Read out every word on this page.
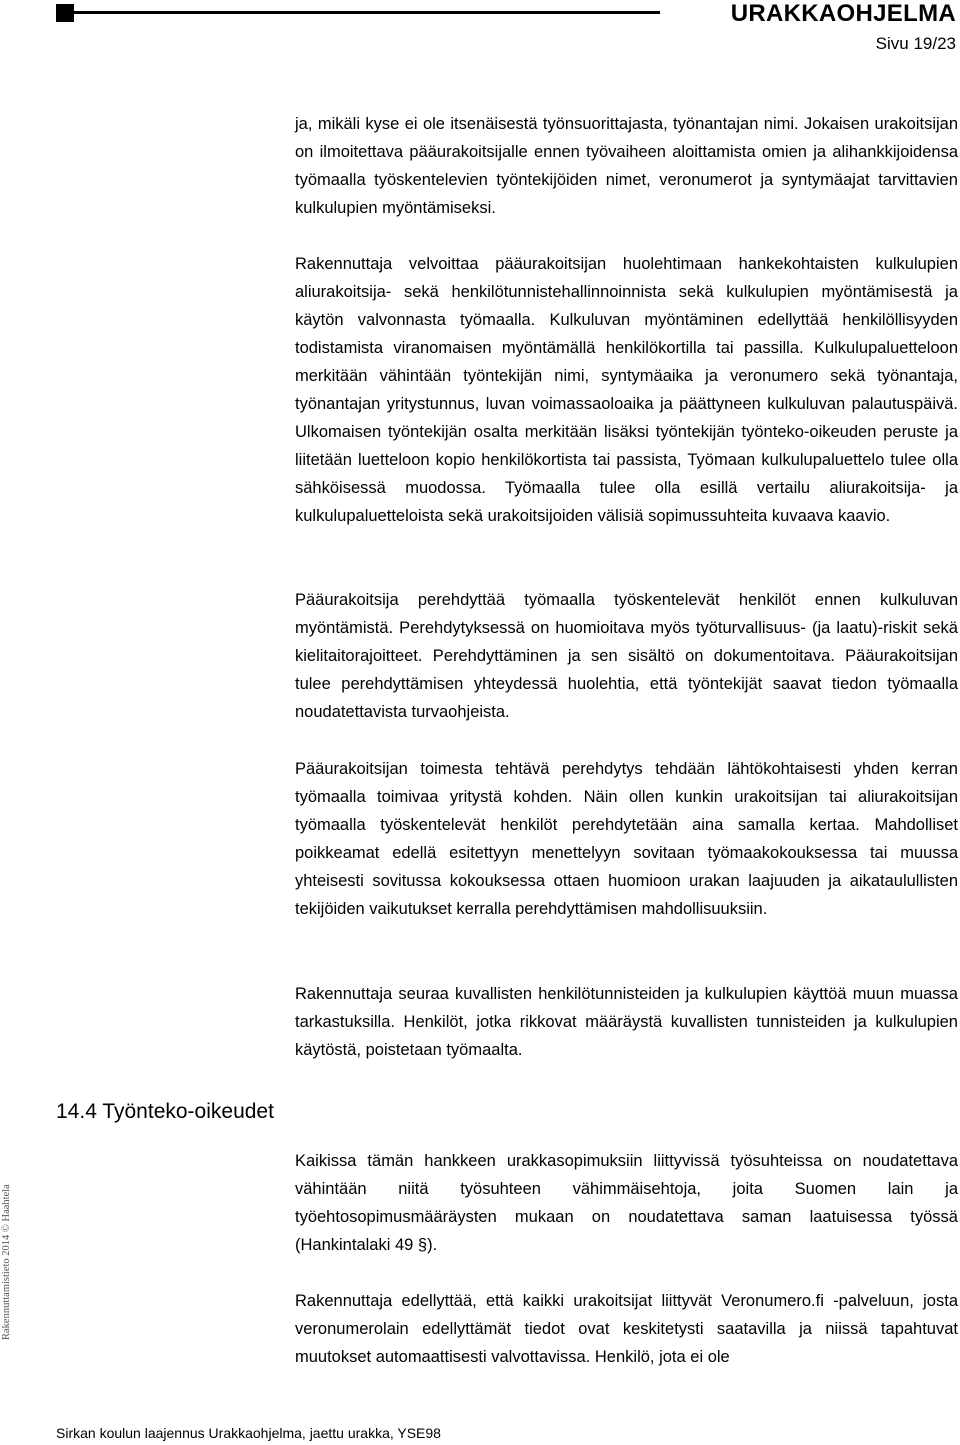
URAKKAOHJELMA
Sivu 19/23

ja, mikäli kyse ei ole itsenäisestä työnsuorittajasta, työnantajan nimi. Jokaisen urakoitsijan on ilmoitettava pääurakoitsijalle ennen työvaiheen aloittamista omien ja alihankkijoidensa työmaalla työskentelevien työntekijöiden nimet, veronumerot ja syntymäajat tarvittavien kulkulupien myöntämiseksi.

Rakennuttaja velvoittaa pääurakoitsijan huolehtimaan hankekohtaisten kulkulupien aliurakoitsija- sekä henkilötunnistehallinnoinnista sekä kulkulupien myöntämisestä ja käytön valvonnasta työmaalla. Kulkuluvan myöntäminen edellyttää henkilöllisyyden todistamista viranomaisen myöntämällä henkilökortilla tai passilla. Kulkulupaluetteloon merkitään vähintään työntekijän nimi, syntymäaika ja veronumero sekä työnantaja, työnantajan yritystunnus, luvan voimassaoloaika ja päättyneen kulkuluvan palautuspäivä. Ulkomaisen työntekijän osalta merkitään lisäksi työntekijän työnteko-oikeuden peruste ja liitetään luetteloon kopio henkilökortista tai passista, Työmaan kulkulupaluettelo tulee olla sähköisessä muodossa. Työmaalla tulee olla esillä vertailu aliurakoitsija- ja kulkulupaluetteloista sekä urakoitsijoiden välisiä sopimussuhteita kuvaava kaavio.

Pääurakoitsija perehdyttää työmaalla työskentelevät henkilöt ennen kulkuluvan myöntämistä. Perehdytyksessä on huomioitava myös työturvallisuus- (ja laatu)-riskit sekä kielitaitorajoitteet. Perehdyttäminen ja sen sisältö on dokumentoitava. Pääurakoitsijan tulee perehdyttämisen yhteydessä huolehtia, että työntekijät saavat tiedon työmaalla noudatettavista turvaohjeista.

Pääurakoitsijan toimesta tehtävä perehdytys tehdään lähtökohtaisesti yhden kerran työmaalla toimivaa yritystä kohden. Näin ollen kunkin urakoitsijan tai aliurakoitsijan työmaalla työskentelevät henkilöt perehdytetään aina samalla kertaa. Mahdolliset poikkeamat edellä esitettyyn menettelyyn sovitaan työmaakokouksessa tai muussa yhteisesti sovitussa kokouksessa ottaen huomioon urakan laajuuden ja aikataulullisten tekijöiden vaikutukset kerralla perehdyttämisen mahdollisuuksiin.

Rakennuttaja seuraa kuvallisten henkilötunnisteiden ja kulkulupien käyttöä muun muassa tarkastuksilla. Henkilöt, jotka rikkovat määräystä kuvallisten tunnisteiden ja kulkulupien käytöstä, poistetaan työmaalta.

14.4 Työnteko-oikeudet

Kaikissa tämän hankkeen urakkasopimuksiin liittyvissä työsuhteissa on noudatettava vähintään niitä työsuhteen vähimmäisehtoja, joita Suomen lain ja työehtosopimusmääräysten mukaan on noudatettava saman laatuisessa työssä (Hankintalaki 49 §).

Rakennuttaja edellyttää, että kaikki urakoitsijat liittyvät Veronumero.fi -palveluun, josta veronumerolain edellyttämät tiedot ovat keskitetysti saatavilla ja niissä tapahtuvat muutokset automaattisesti valvottavissa. Henkilö, jota ei ole

Rakennuttamistieto 2014 © Haahtela
Sirkan koulun laajennus Urakkaohjelma, jaettu urakka, YSE98
